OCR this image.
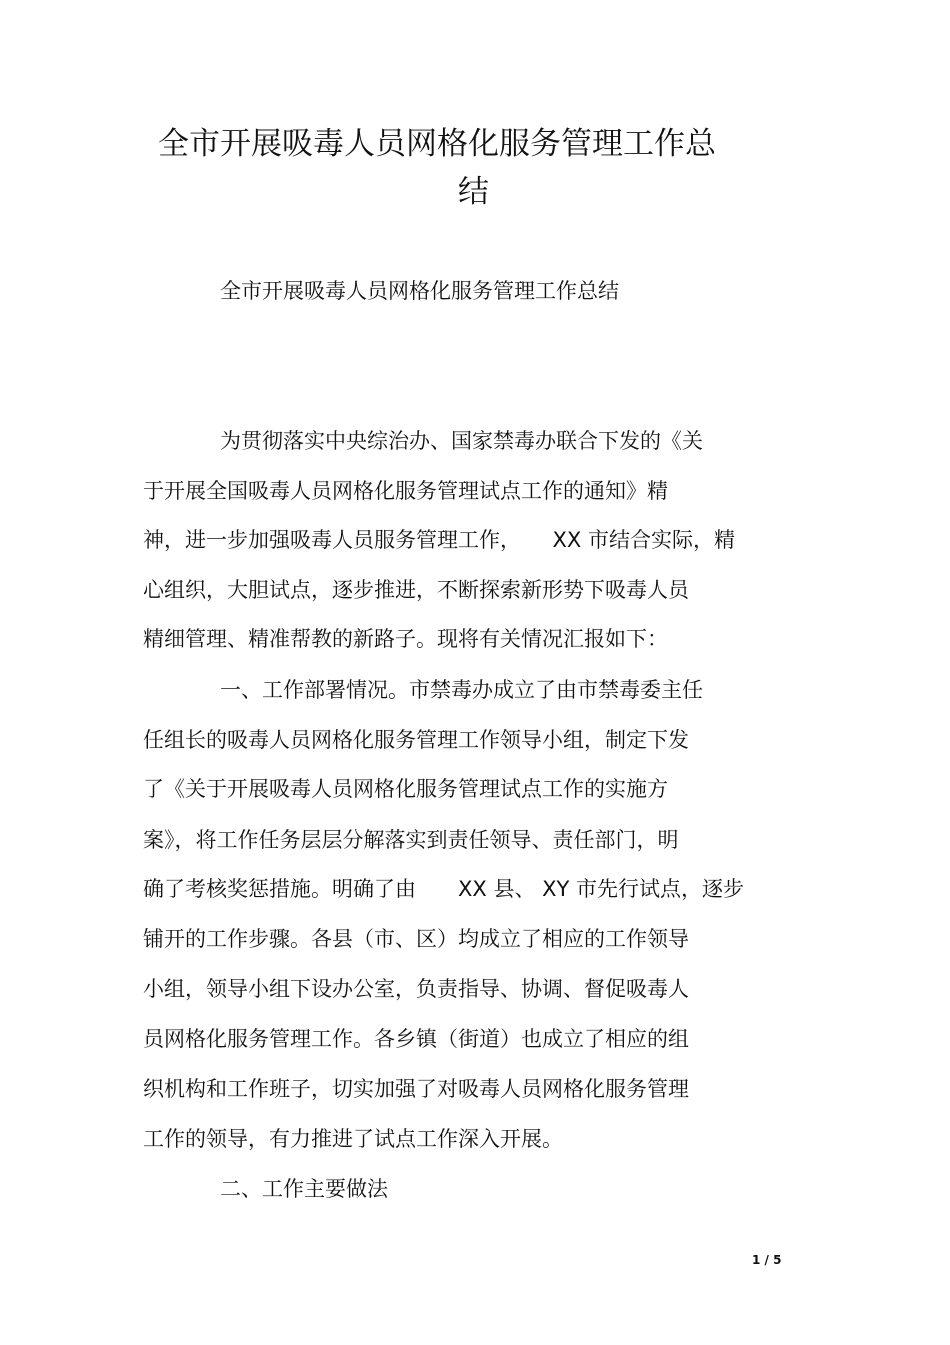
全市开展吸毒人员网格化服务管理工作总
结
全市开展吸毒人员网格化服务管理工作总结
为贯彻落实中央综治办、国家禁毒办联合下发的《关
于开展全国吸毒人员网格化服务管理试点工作的通知》精
神，进一步加强吸毒人员服务管理工作，　　XX 市结合实际，精
心组织，大胆试点，逐步推进，不断探索新形势下吸毒人员
精细管理、精准帮教的新路子。现将有关情况汇报如下：
一、工作部署情况。市禁毒办成立了由市禁毒委主任
任组长的吸毒人员网格化服务管理工作领导小组，制定下发
了《关于开展吸毒人员网格化服务管理试点工作的实施方
案》，将工作任务层层分解落实到责任领导、责任部门，明
确了考核奖惩措施。明确了由　　XX 县、 XY 市先行试点，逐步
铺开的工作步骤。各县（市、区）均成立了相应的工作领导
小组，领导小组下设办公室，负责指导、协调、督促吸毒人
员网格化服务管理工作。各乡镇（街道）也成立了相应的组
织机构和工作班子，切实加强了对吸毒人员网格化服务管理
工作的领导，有力推进了试点工作深入开展。
二、工作主要做法
1 / 5
